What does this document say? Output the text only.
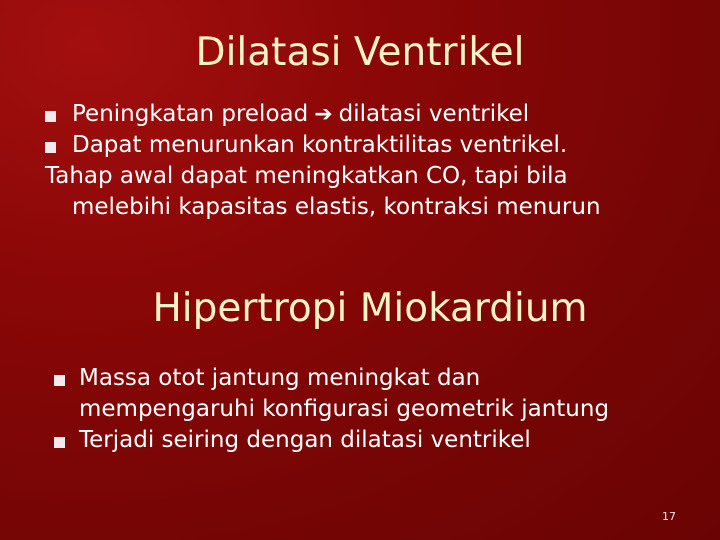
Dilatasi Ventrikel
Peningkatan preload ➔ dilatasi ventrikel
Dapat menurunkan kontraktilitas ventrikel.
Tahap awal dapat meningkatkan CO, tapi bila
melebihi kapasitas elastis, kontraksi menurun
Hipertropi Miokardium
Massa otot jantung meningkat dan
mempengaruhi konfigurasi geometrik jantung
Terjadi seiring dengan dilatasi ventrikel
17
